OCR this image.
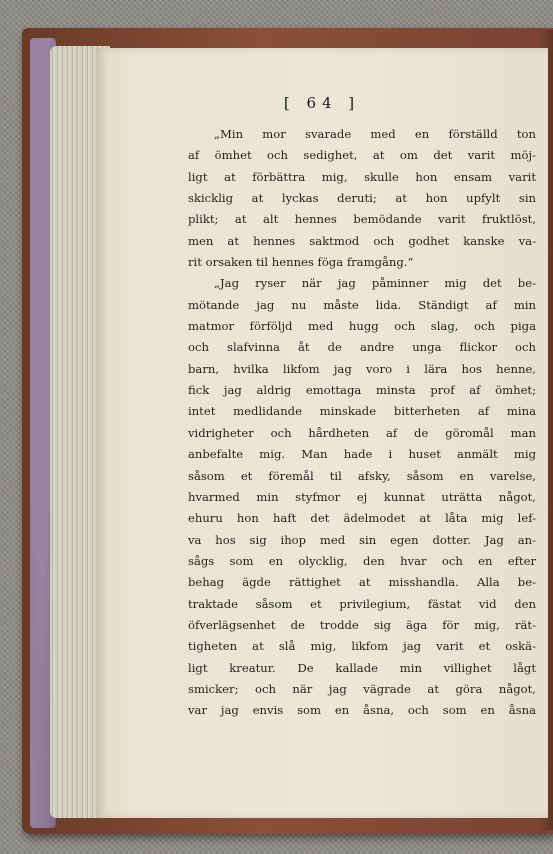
[ 64 ]
„Min mor svarade med en förställd ton
af ömhet och sedighet, at om det varit möj-
ligt at förbättra mig, skulle hon ensam varit
skicklig at lyckas deruti; at hon upfylt sin
plikt; at alt hennes bemödande varit fruktlöst,
men at hennes saktmod och godhet kanske va-
rit orsaken til hennes föga framgång.“
„Jag ryser när jag påminner mig det be-
mötande jag nu måste lida. Ständigt af min
matmor förföljd med hugg och slag, och piga
och slafvinna åt de andre unga flickor och
barn, hvilka likfom jag voro i lära hos henne,
fick jag aldrig emottaga minsta prof af ömhet;
intet medlidande minskade bitterheten af mina
vidrigheter och hårdheten af de göromål man
anbefalte mig. Man hade i huset anmält mig
såsom et föremål til afsky, såsom en varelse,
hvarmed min styfmor ej kunnat uträtta något,
ehuru hon haft det ädelmodet at låta mig lef-
va hos sig ihop med sin egen dotter. Jag an-
sågs som en olycklig, den hvar och en efter
behag ägde rättighet at misshandla. Alla be-
traktade såsom et privilegium, fästat vid den
öfverlägsenhet de trodde sig äga för mig, rät-
tigheten at slå mig, likfom jag varit et oskä-
ligt kreatur. De kallade min villighet lågt
smicker; och när jag vägrade at göra något,
var jag envis som en åsna, och som en åsna
